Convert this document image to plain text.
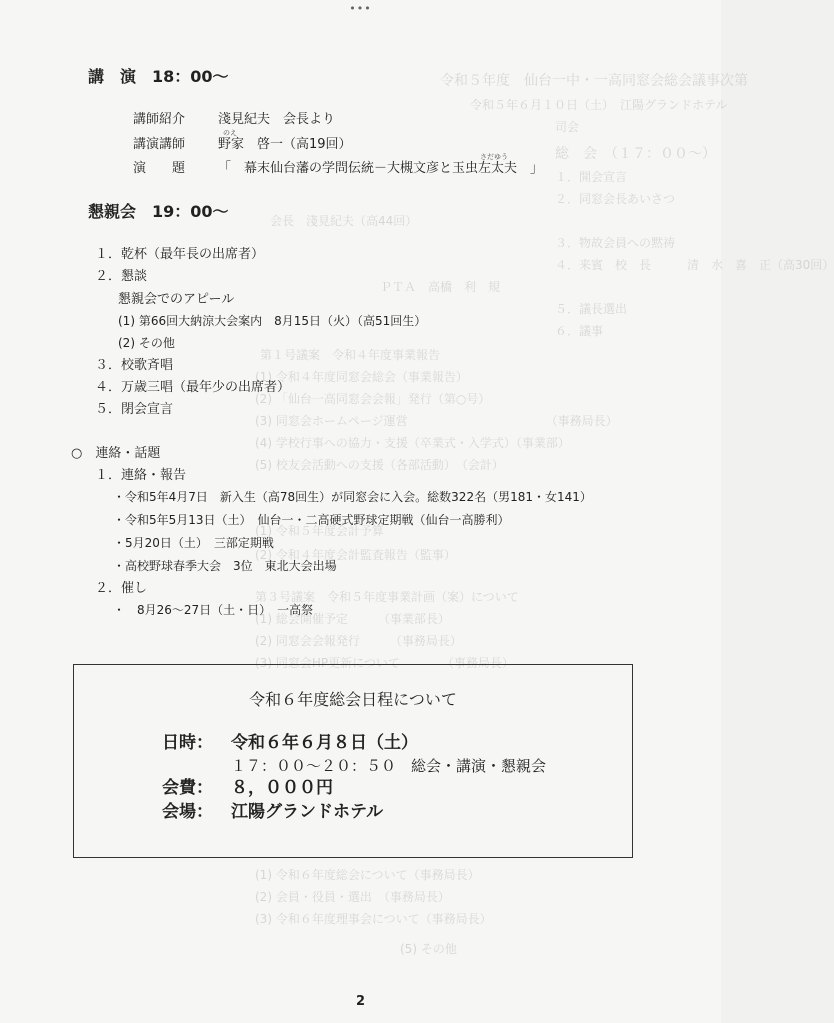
•••
令和５年度　仙台一中・一高同窓会総会議事次第
令和５年６月１０日（土）　江陽グランドホテル
司会
総　会　（１７：００～）
１．開会宣言
２．同窓会長あいさつ
会長　淺見紀夫（高44回）
３．物故会員への黙祷
４．来賓　校　長　　　清　水　喜　正（高30回）
ＰＴＡ　高橋　利　規
５．議長選出
６．議事
第１号議案　令和４年度事業報告
(1) 令和４年度同窓会総会（事業報告）
(2) 「仙台一高同窓会会報」発行（第○号）
(3) 同窓会ホームページ運営　　　　　　　　　　　　（事務局長）
(4) 学校行事への協力・支援（卒業式・入学式）（事業部）
(5) 校友会活動への支援（各部活動）　（会計）
(1) 令和５年度会計予算
(2) 令和４年度会計監査報告（監事）
第３号議案　令和５年度事業計画（案）について
(1) 総会開催予定　　　（事業部長）
(2) 同窓会会報発行　　　（事務局長）
(3) 同窓会HP更新について　　　　（事務局長）
(1) 令和６年度総会について（事務局長）
(2) 会員・役員・選出　（事務局長）
(3) 令和６年度理事会について（事務局長）
(5) その他
講　演　18：00～
講師紹介	淺見紀夫　会長より
講演講師
のえ
野家　啓一（高19回）
演　　題
さだゆう
「　幕末仙台藩の学問伝統－大槻文彦と玉虫左太夫　」
懇親会　19：00～
１．乾杯（最年長の出席者）
２．懇談
懇親会でのアピール
(1) 第66回大納涼大会案内　8月15日（火）（高51回生）
(2) その他
３．校歌斉唱
４．万歳三唱（最年少の出席者）
５．閉会宣言
○　連絡・話題
１．連絡・報告
・令和5年4月7日　新入生（高78回生）が同窓会に入会。総数322名（男181・女141）
・令和5年5月13日（土）　仙台一・二高硬式野球定期戦（仙台一高勝利）
・5月20日（土）　三部定期戦
・高校野球春季大会　3位　東北大会出場
２．催し
・　8月26～27日（土・日）　一高祭
令和６年度総会日程について
日時： 令和６年６月８日（土）
１７：００～２０：５０　総会・講演・懇親会
会費： ８，０００円
会場： 江陽グランドホテル
2
